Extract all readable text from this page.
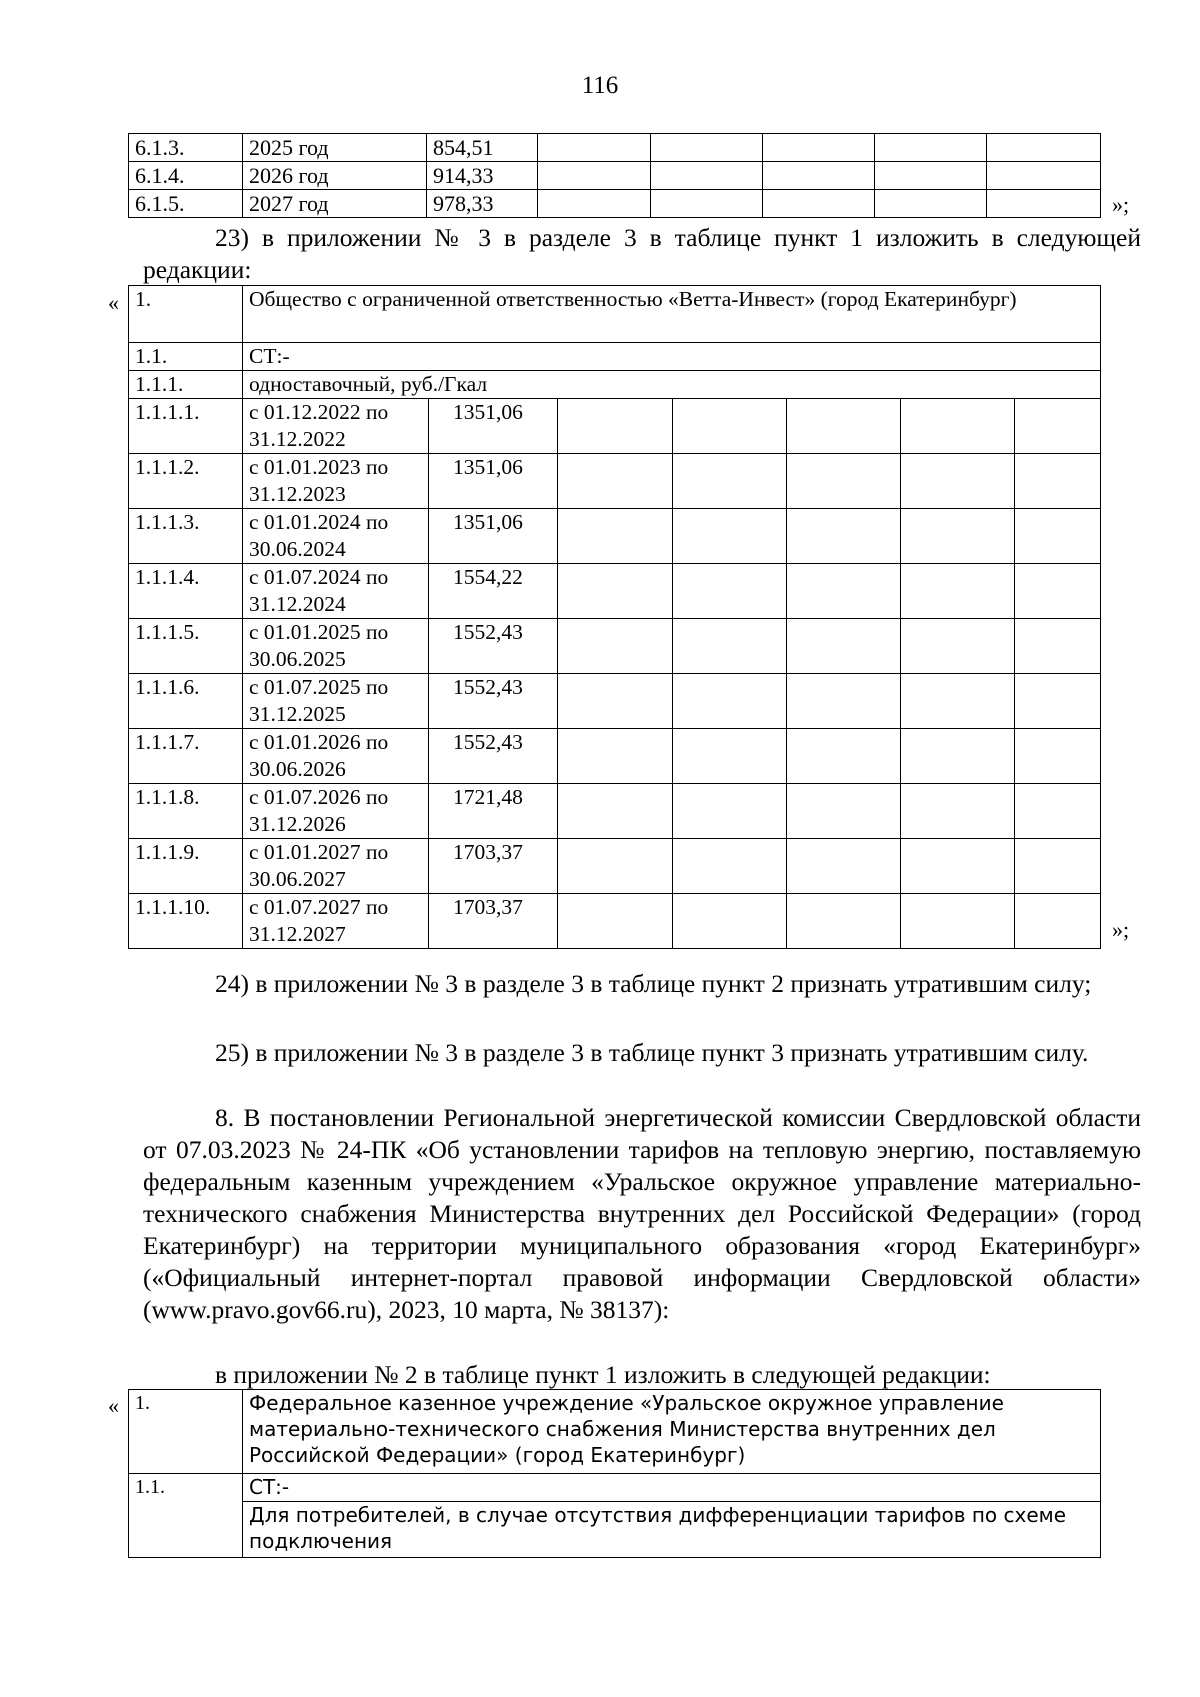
116
6.1.3.	2025 год	854,51					
6.1.4.	2026 год	914,33					
6.1.5.	2027 год	978,33						»;
23) в приложении № 3 в разделе 3 в таблице пункт 1 изложить в следующей редакции:
« 1.	Общество с ограниченной ответственностью «Ветта-Инвест» (город Екатеринбург)						
1.1.	СТ:-						
1.1.1.	одноставочный, руб./Гкал						
1.1.1.1.	с 01.12.2022 по 31.12.2022	1351,06					
1.1.1.2.	с 01.01.2023 по 31.12.2023	1351,06					
1.1.1.3.	с 01.01.2024 по 30.06.2024	1351,06					
1.1.1.4.	с 01.07.2024 по 31.12.2024	1554,22					
1.1.1.5.	с 01.01.2025 по 30.06.2025	1552,43					
1.1.1.6.	с 01.07.2025 по 31.12.2025	1552,43					
1.1.1.7.	с 01.01.2026 по 30.06.2026	1552,43					
1.1.1.8.	с 01.07.2026 по 31.12.2026	1721,48					
1.1.1.9.	с 01.01.2027 по 30.06.2027	1703,37					
1.1.1.10.	с 01.07.2027 по 31.12.2027	1703,37					
»;
24) в приложении № 3 в разделе 3 в таблице пункт 2 признать утратившим силу;
25) в приложении № 3 в разделе 3 в таблице пункт 3 признать утратившим силу.
8. В постановлении Региональной энергетической комиссии Свердловской области от 07.03.2023 № 24-ПК «Об установлении тарифов на тепловую энергию, поставляемую федеральным казенным учреждением «Уральское окружное управление материально-технического снабжения Министерства внутренних дел Российской Федерации» (город Екатеринбург) на территории муниципального образования «город Екатеринбург» («Официальный интернет-портал правовой информации Свердловской области» (www.pravo.gov66.ru), 2023, 10 марта, № 38137):
в приложении № 2 в таблице пункт 1 изложить в следующей редакции:
« 1.	Федеральное казенное учреждение «Уральское окружное управление материально-технического снабжения Министерства внутренних дел Российской Федерации» (город Екатеринбург)
1.1.	СТ:-
	Для потребителей, в случае отсутствия дифференциации тарифов по схеме подключения
